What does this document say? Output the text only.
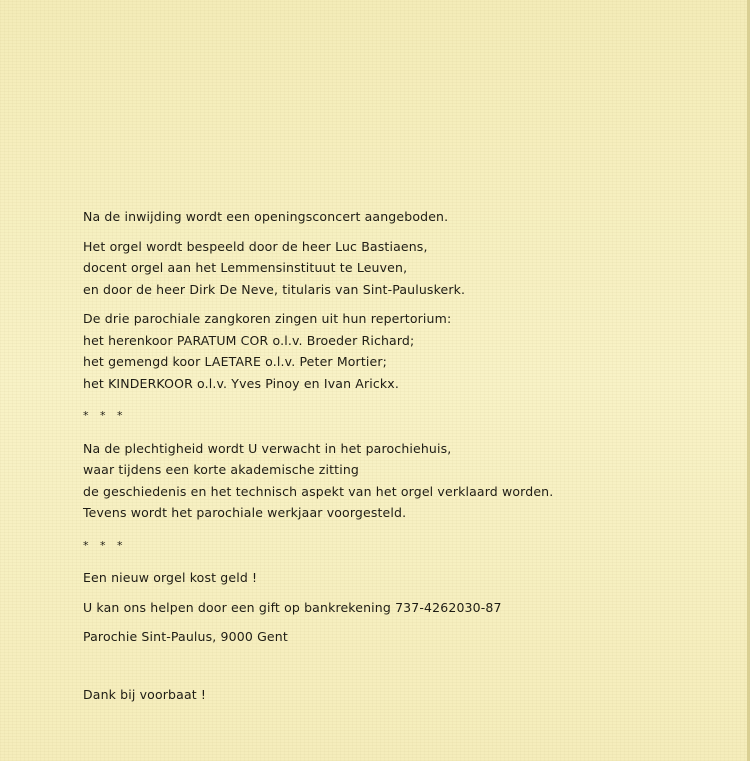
Na de inwijding wordt een openingsconcert aangeboden.

Het orgel wordt bespeeld door de heer Luc Bastiaens,
docent orgel aan het Lemmensinstituut te Leuven,
en door de heer Dirk De Neve, titularis van Sint-Pauluskerk.

De drie parochiale zangkoren zingen uit hun repertorium:
het herenkoor PARATUM COR o.l.v. Broeder Richard;
het gemengd koor LAETARE o.l.v. Peter Mortier;
het KINDERKOOR o.l.v. Yves Pinoy en Ivan Arickx.

* * *

Na de plechtigheid wordt U verwacht in het parochiehuis,
waar tijdens een korte akademische zitting
de geschiedenis en het technisch aspekt van het orgel verklaard worden.
Tevens wordt het parochiale werkjaar voorgesteld.

* * *

Een nieuw orgel kost geld !

U kan ons helpen door een gift op bankrekening 737-4262030-87

Parochie Sint-Paulus, 9000 Gent

Dank bij voorbaat !
